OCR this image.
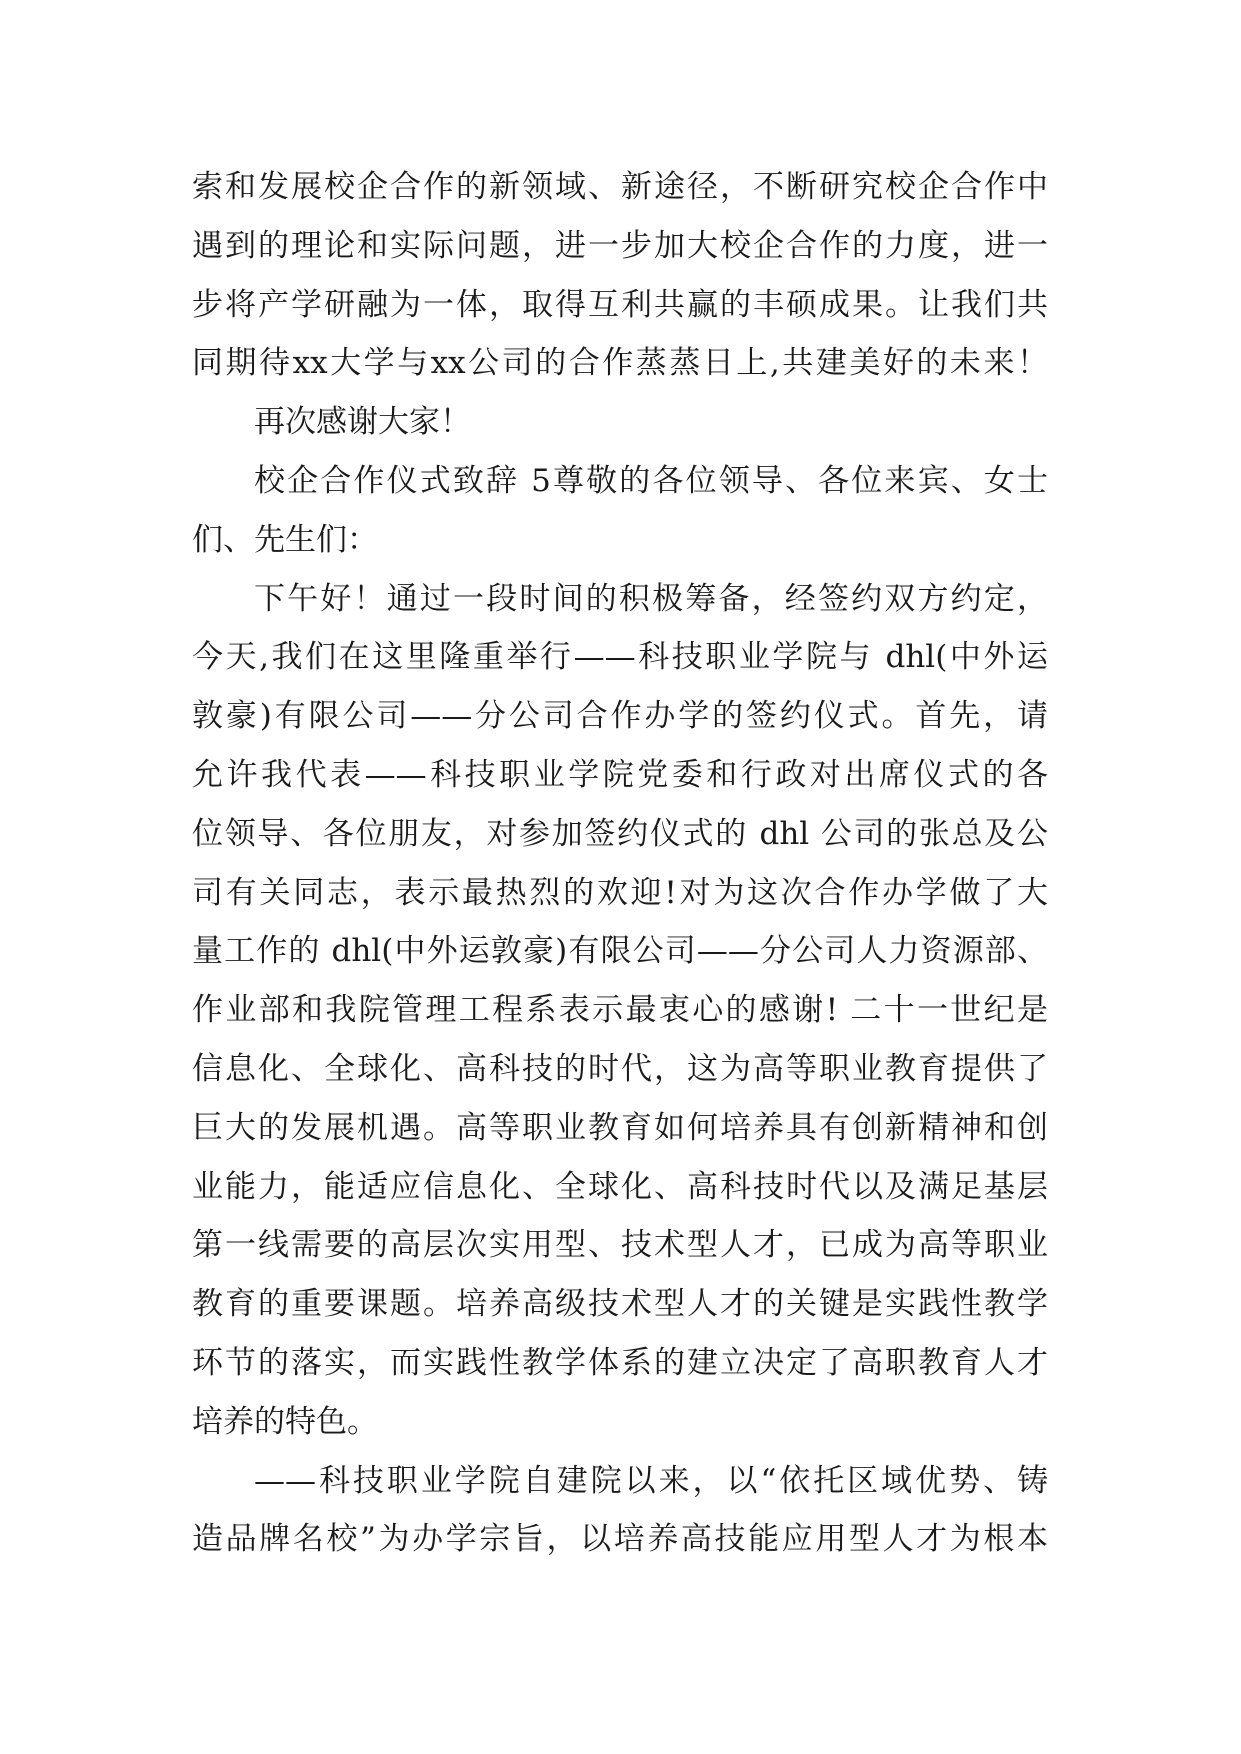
索和发展校企合作的新领域、新途径，不断研究校企合作中
遇到的理论和实际问题，进一步加大校企合作的力度，进一
步将产学研融为一体，取得互利共赢的丰硕成果。让我们共
同期待xx大学与xx公司的合作蒸蒸日上,共建美好的未来！
再次感谢大家！
校企合作仪式致辞 5尊敬的各位领导、各位来宾、女士
们、先生们：
下午好！通过一段时间的积极筹备，经签约双方约定，
今天,我们在这里隆重举行——科技职业学院与 dhl(中外运
敦豪)有限公司——分公司合作办学的签约仪式。首先，请
允许我代表——科技职业学院党委和行政对出席仪式的各
位领导、各位朋友，对参加签约仪式的 dhl 公司的张总及公
司有关同志，表示最热烈的欢迎!对为这次合作办学做了大
量工作的 dhl(中外运敦豪)有限公司——分公司人力资源部、
作业部和我院管理工程系表示最衷心的感谢! 二十一世纪是
信息化、全球化、高科技的时代，这为高等职业教育提供了
巨大的发展机遇。高等职业教育如何培养具有创新精神和创
业能力，能适应信息化、全球化、高科技时代以及满足基层
第一线需要的高层次实用型、技术型人才，已成为高等职业
教育的重要课题。培养高级技术型人才的关键是实践性教学
环节的落实，而实践性教学体系的建立决定了高职教育人才
培养的特色。
——科技职业学院自建院以来，以“依托区域优势、铸
造品牌名校”为办学宗旨，以培养高技能应用型人才为根本
